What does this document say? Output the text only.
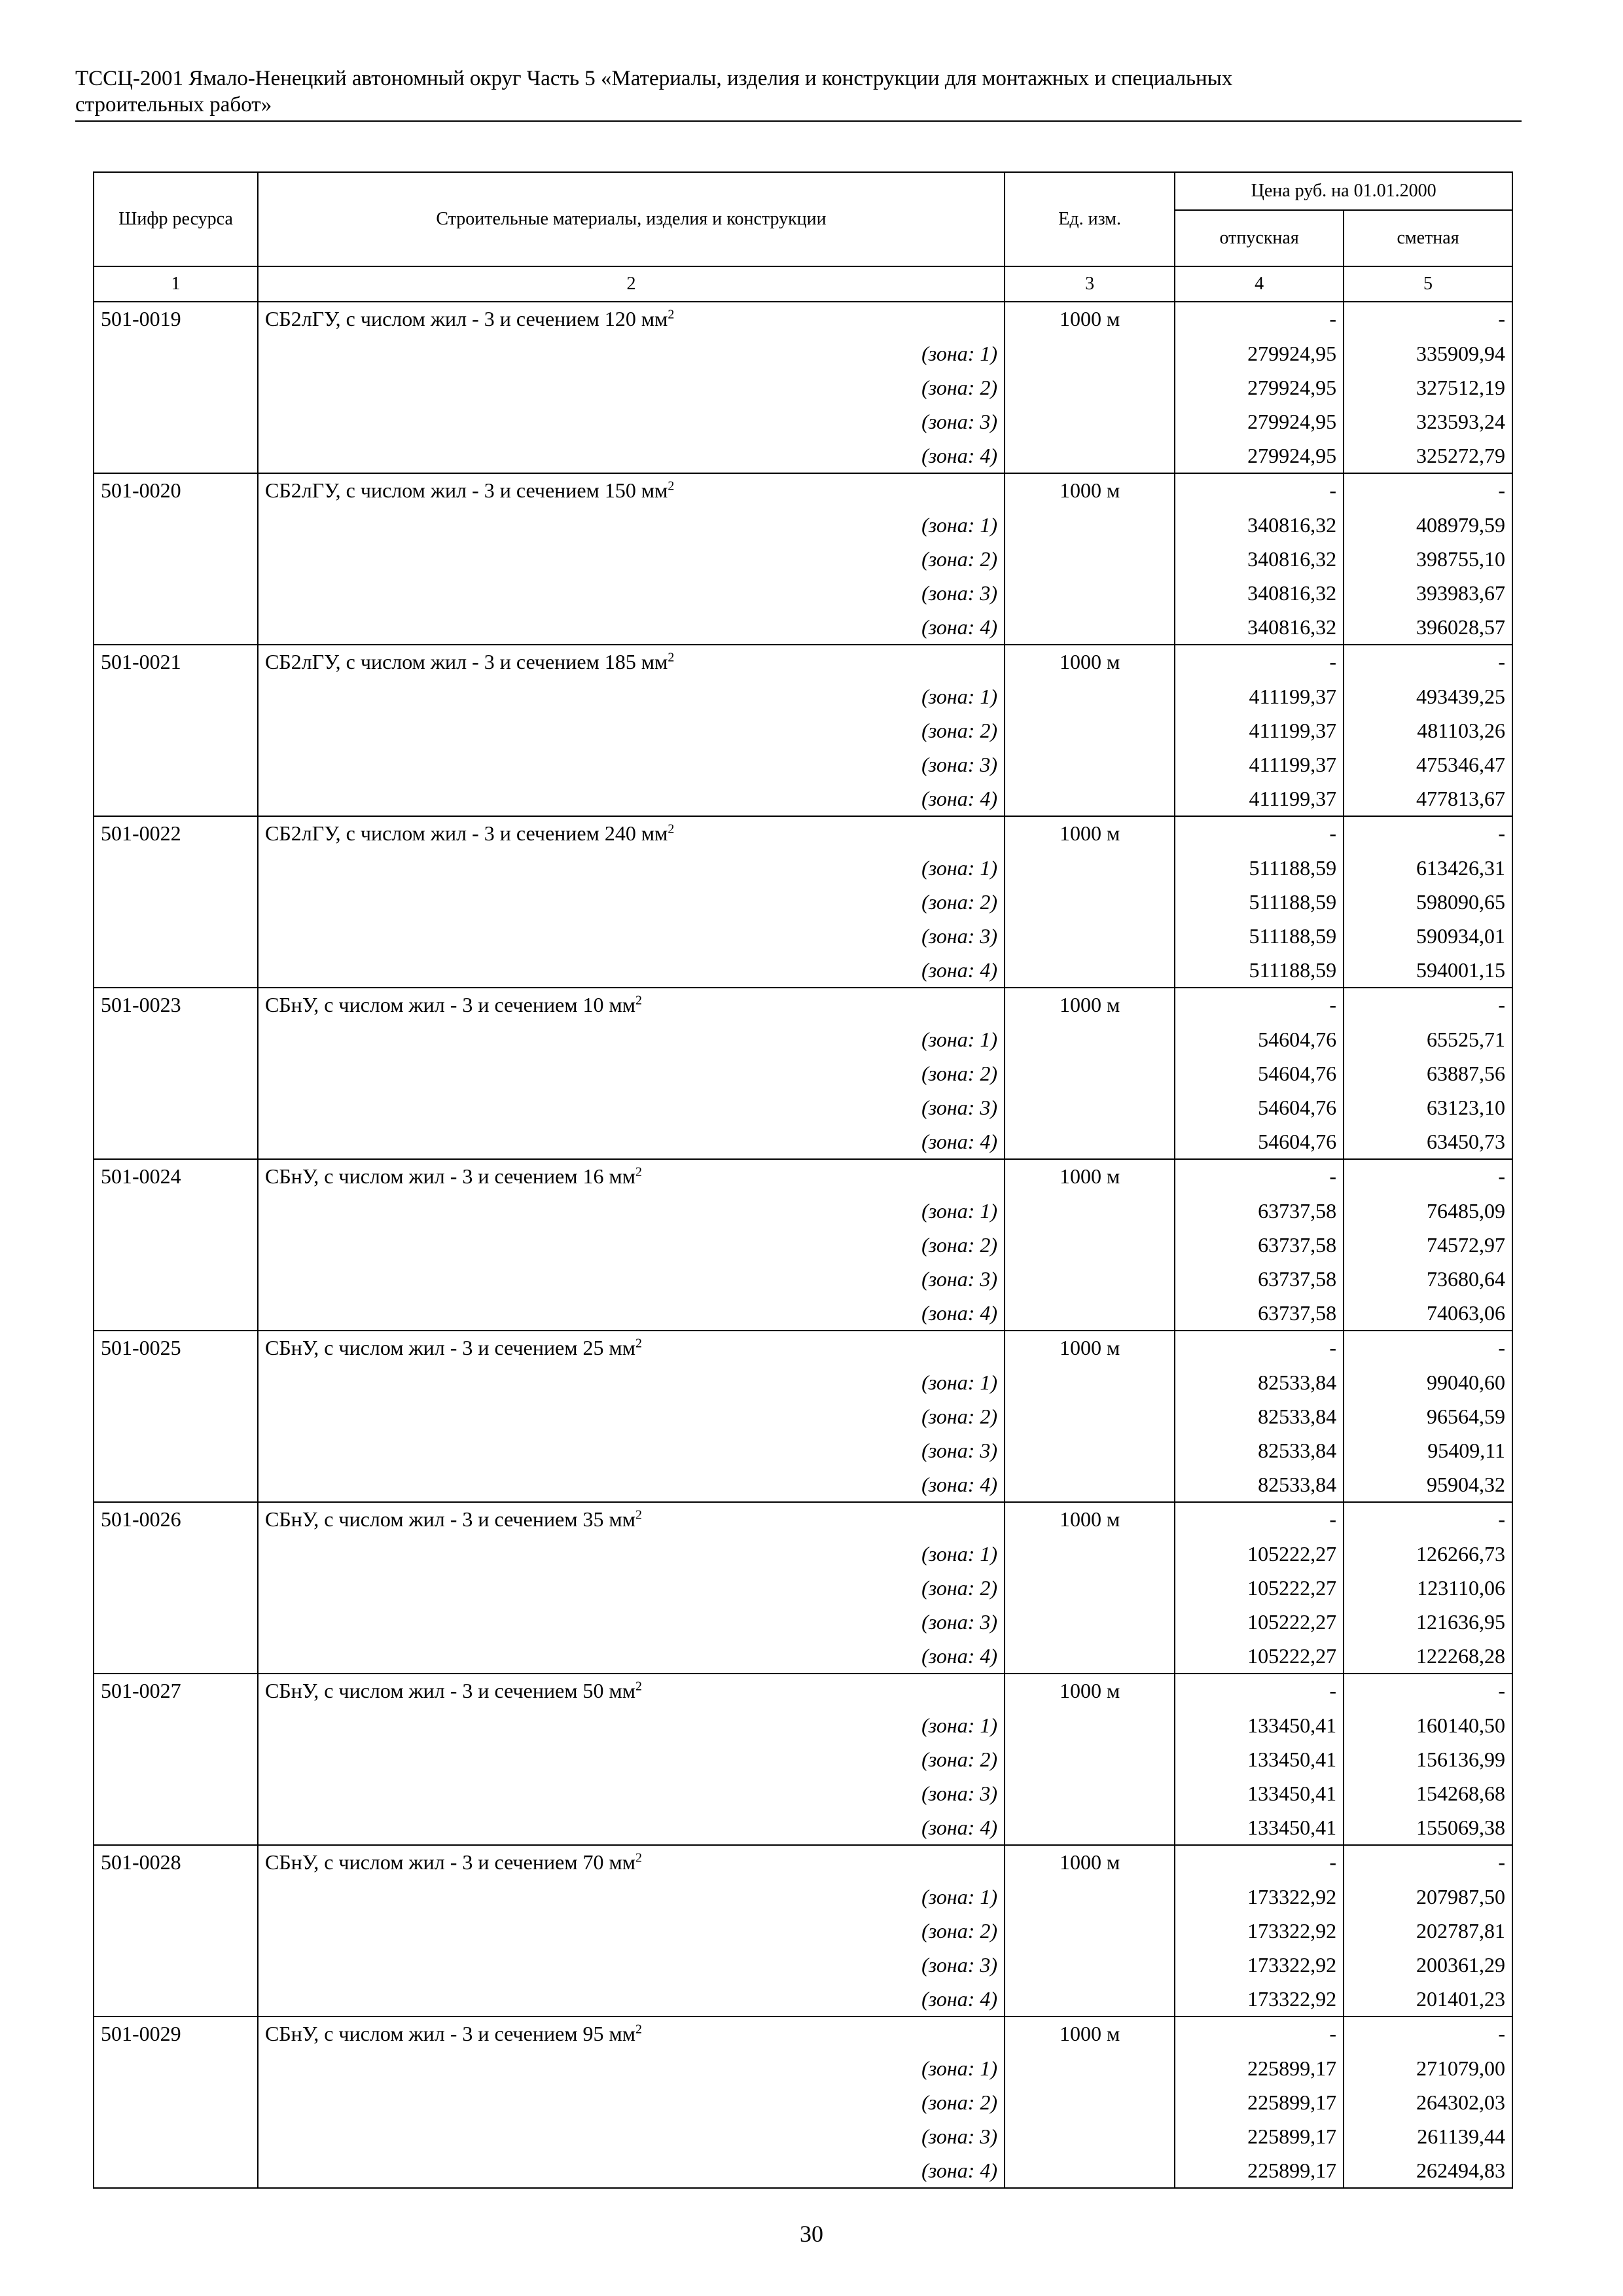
ТССЦ-2001 Ямало-Ненецкий автономный округ Часть 5 «Материалы, изделия и конструкции для монтажных и специальных
строительных работ»
Шифр ресурса	Строительные материалы, изделия и конструкции	Ед. изм.	Цена руб. на 01.01.2000	
			отпускная	сметная
1	2	3	4	5
501-0019	СБ2лГУ, с числом жил - 3 и сечением 120 $мм^2$	1000 м	-	-
	(зона: 1)		279924,95	335909,94
	(зона: 2)		279924,95	327512,19
	(зона: 3)		279924,95	323593,24
	(зона: 4)		279924,95	325272,79
501-0020	СБ2лГУ, с числом жил - 3 и сечением 150 $мм^2$	1000 м	-	-
	(зона: 1)		340816,32	408979,59
	(зона: 2)		340816,32	398755,10
	(зона: 3)		340816,32	393983,67
	(зона: 4)		340816,32	396028,57
501-0021	СБ2лГУ, с числом жил - 3 и сечением 185 $мм^2$	1000 м	-	-
	(зона: 1)		411199,37	493439,25
	(зона: 2)		411199,37	481103,26
	(зона: 3)		411199,37	475346,47
	(зона: 4)		411199,37	477813,67
501-0022	СБ2лГУ, с числом жил - 3 и сечением 240 $мм^2$	1000 м	-	-
	(зона: 1)		511188,59	613426,31
	(зона: 2)		511188,59	598090,65
	(зона: 3)		511188,59	590934,01
	(зона: 4)		511188,59	594001,15
501-0023	СБнУ, с числом жил - 3 и сечением 10 $мм^2$	1000 м	-	-
	(зона: 1)		54604,76	65525,71
	(зона: 2)		54604,76	63887,56
	(зона: 3)		54604,76	63123,10
	(зона: 4)		54604,76	63450,73
501-0024	СБнУ, с числом жил - 3 и сечением 16 $мм^2$	1000 м	-	-
	(зона: 1)		63737,58	76485,09
	(зона: 2)		63737,58	74572,97
	(зона: 3)		63737,58	73680,64
	(зона: 4)		63737,58	74063,06
501-0025	СБнУ, с числом жил - 3 и сечением 25 $мм^2$	1000 м	-	-
	(зона: 1)		82533,84	99040,60
	(зона: 2)		82533,84	96564,59
	(зона: 3)		82533,84	95409,11
	(зона: 4)		82533,84	95904,32
501-0026	СБнУ, с числом жил - 3 и сечением 35 $мм^2$	1000 м	-	-
	(зона: 1)		105222,27	126266,73
	(зона: 2)		105222,27	123110,06
	(зона: 3)		105222,27	121636,95
	(зона: 4)		105222,27	122268,28
501-0027	СБнУ, с числом жил - 3 и сечением 50 $мм^2$	1000 м	-	-
	(зона: 1)		133450,41	160140,50
	(зона: 2)		133450,41	156136,99
	(зона: 3)		133450,41	154268,68
	(зона: 4)		133450,41	155069,38
501-0028	СБнУ, с числом жил - 3 и сечением 70 $мм^2$	1000 м	-	-
	(зона: 1)		173322,92	207987,50
	(зона: 2)		173322,92	202787,81
	(зона: 3)		173322,92	200361,29
	(зона: 4)		173322,92	201401,23
501-0029	СБнУ, с числом жил - 3 и сечением 95 $мм^2$	1000 м	-	-
	(зона: 1)		225899,17	271079,00
	(зона: 2)		225899,17	264302,03
	(зона: 3)		225899,17	261139,44
	(зона: 4)		225899,17	262494,83
30
